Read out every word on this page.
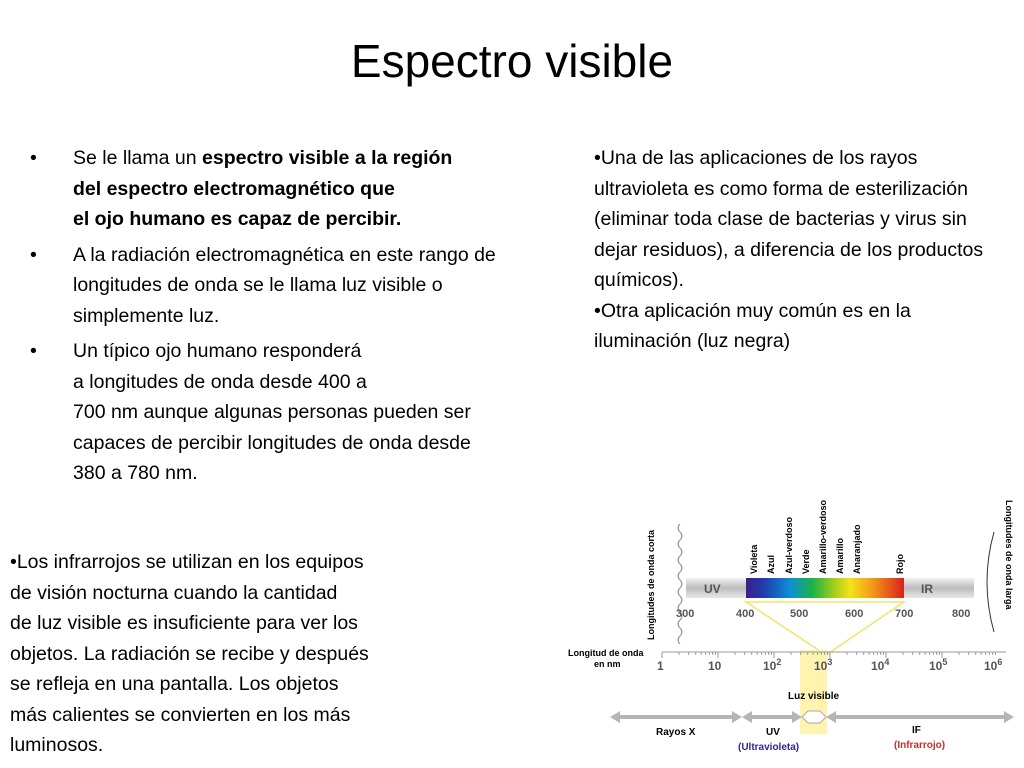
Espectro visible
• Se le llama un espectro visible a la región
del espectro electromagnético que
el ojo humano es capaz de percibir.
• A la radiación electromagnética en este rango de longitudes de onda se le llama luz visible o simplemente luz.
• Un típico ojo humano responderá
a longitudes de onda desde 400 a
700 nm aunque algunas personas pueden ser
capaces de percibir longitudes de onda desde
380 a 780 nm.
•Una de las aplicaciones de los rayos ultravioleta es como forma de esterilización (eliminar toda clase de bacterias y virus sin dejar residuos), a diferencia de los productos químicos).
•Otra aplicación muy común es en la iluminación (luz negra)
•Los infrarrojos se utilizan en los equipos
de visión nocturna cuando la cantidad
de luz visible es insuficiente para ver los
objetos. La radiación se recibe y después
se refleja en una pantalla. Los objetos
más calientes se convierten en los más
luminosos.
Longitudes de onda corta	Longitudes de onda larga
Violeta Azul Azul-verdoso Verde Amarillo-verdoso Amarillo Anaranjado	Rojo
UV	IR
300	400	500	600	700	800
Longitud de onda
en nm	1	10	$10^2$	$10^3$	$10^4$	$10^5$	$10^6$
Luz visible
Rayos X	UV
(Ultravioleta)
IF
(Infrarrojo)
